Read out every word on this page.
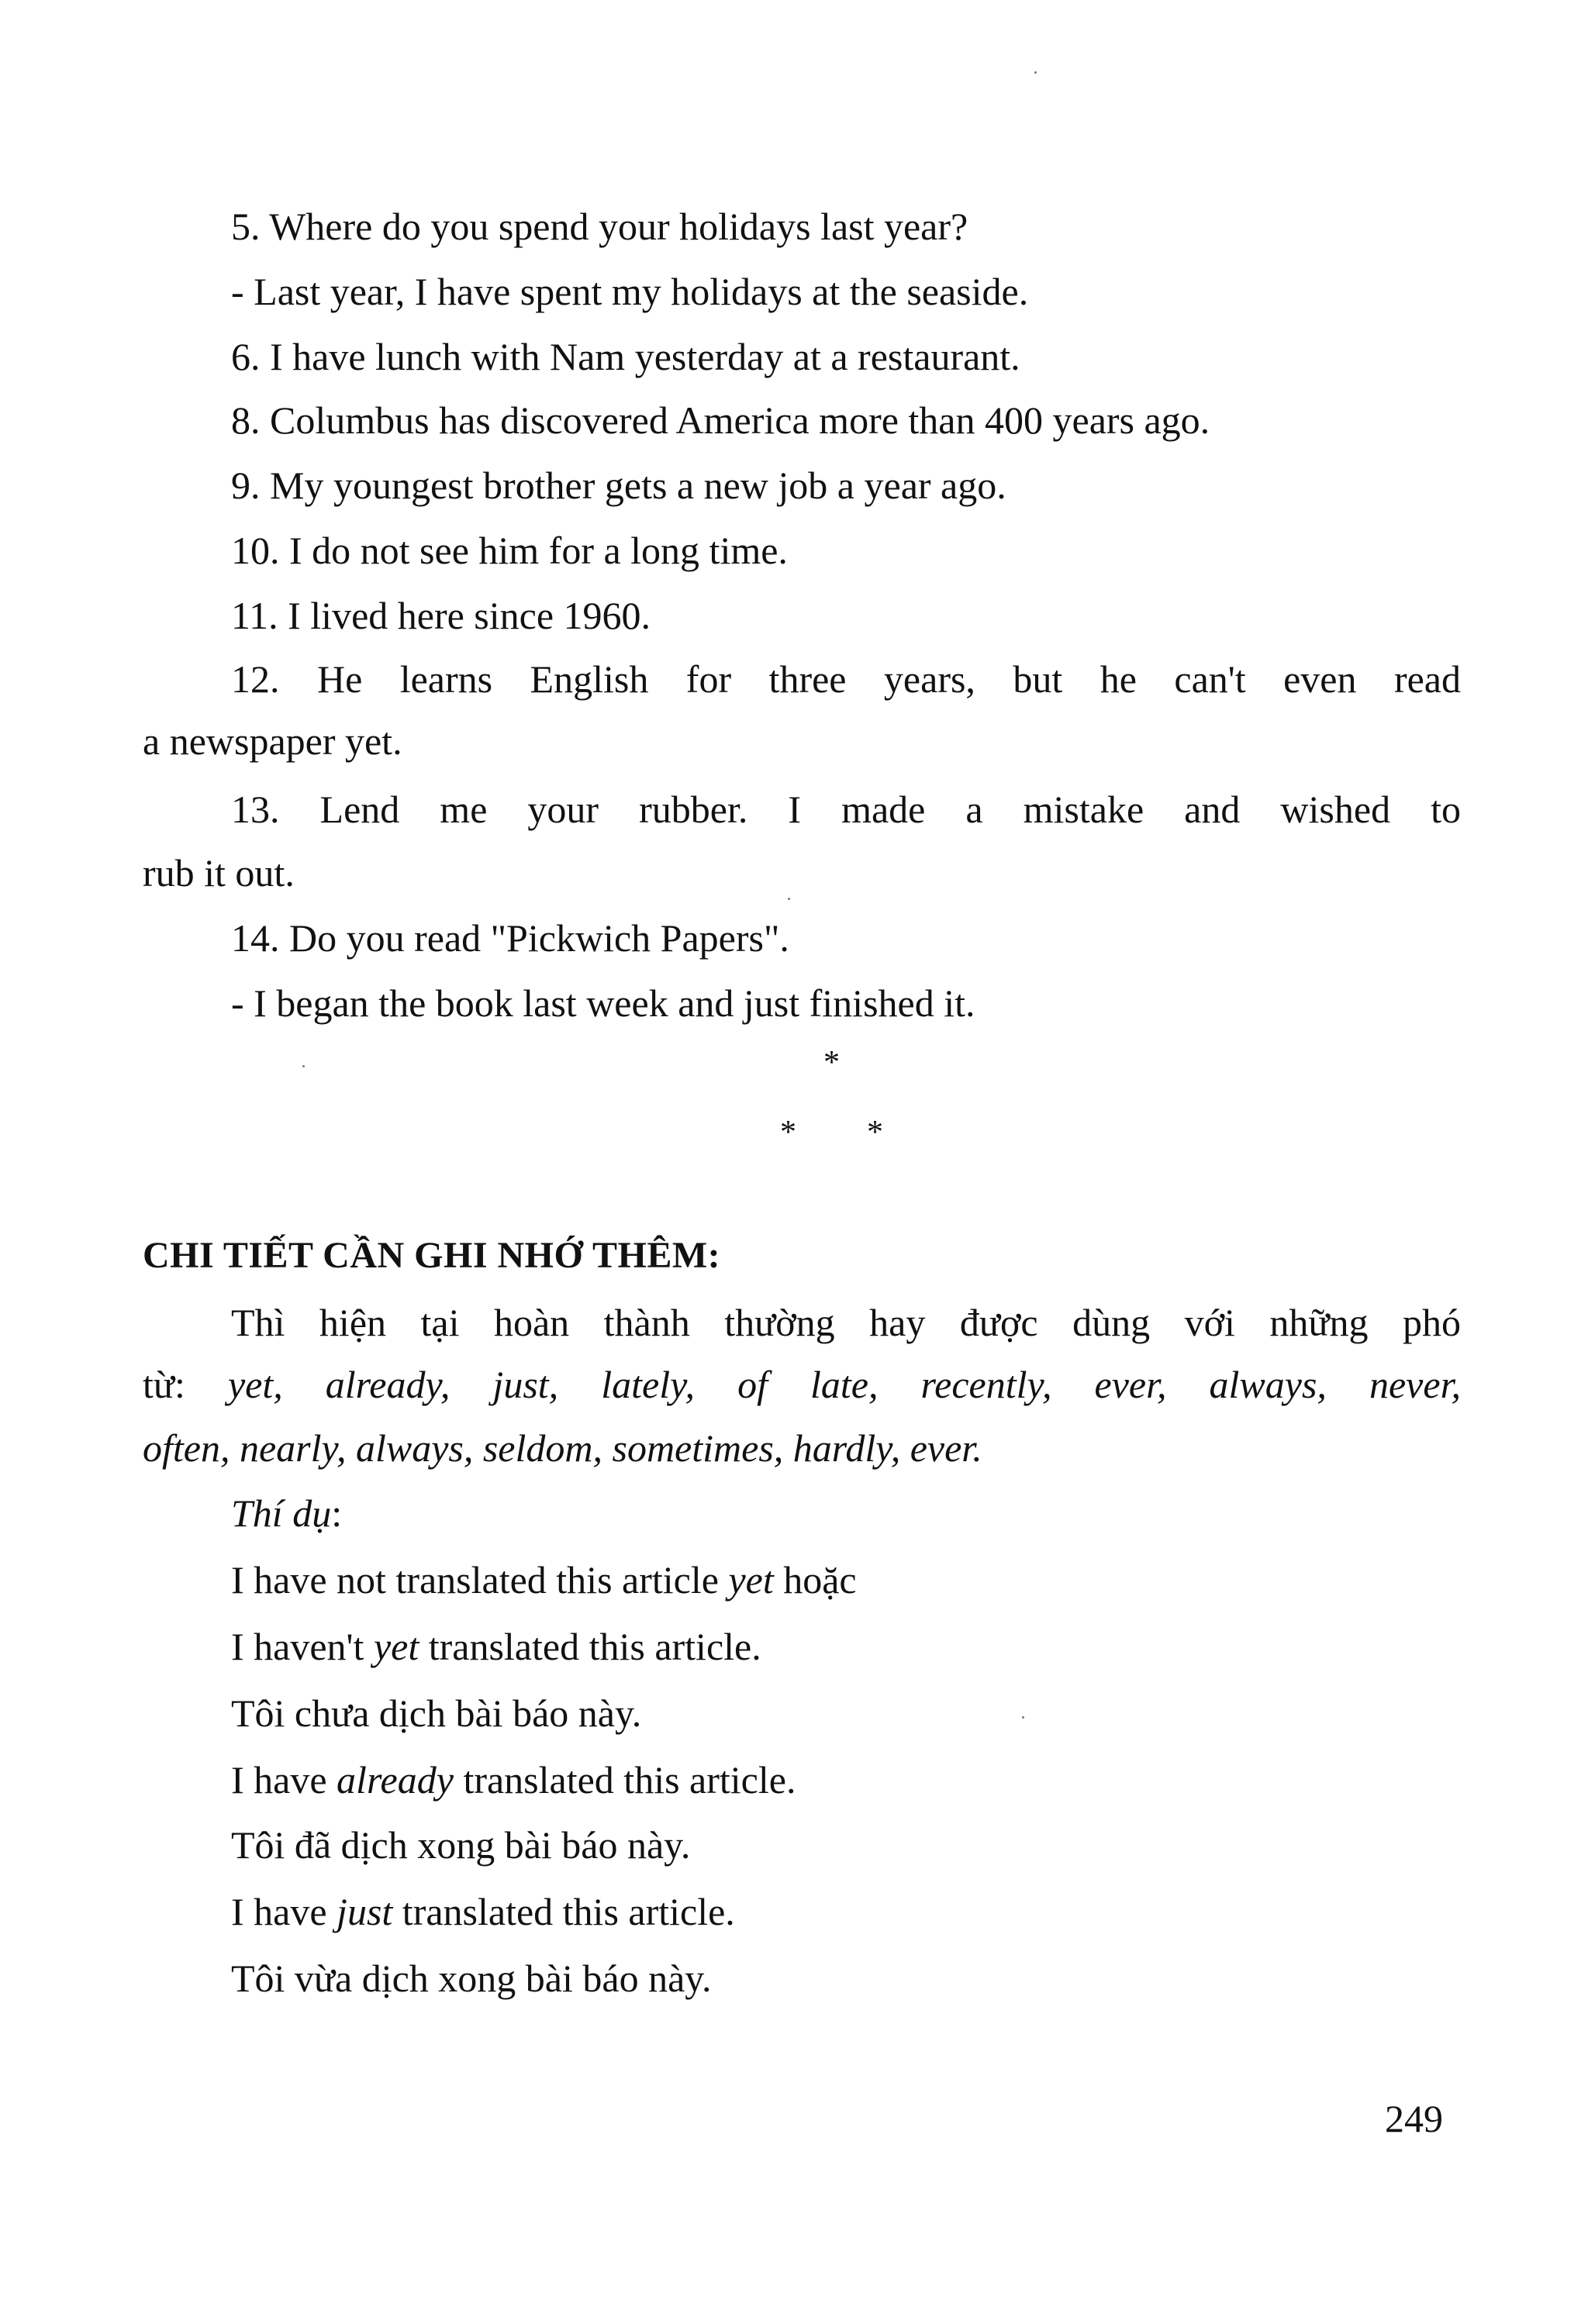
5. Where do you spend your holidays last year?
- Last year, I have spent my holidays at the seaside.
6. I have lunch with Nam yesterday at a restaurant.
8. Columbus has discovered America more than 400 years ago.
9. My youngest brother gets a new job a year ago.
10. I do not see him for a long time.
11. I lived here since 1960.
12. He learns English for three years, but he can't even read
a newspaper yet.
13. Lend me your rubber. I made a mistake and wished to
rub it out.
14. Do you read "Pickwich Papers".
- I began the book last week and just finished it.
*
* *
CHI TIẾT CẦN GHI NHỚ THÊM:
Thì hiện tại hoàn thành thường hay được dùng với những phó
từ: yet, already, just, lately, of late, recently, ever, always, never,
often, nearly, always, seldom, sometimes, hardly, ever.
Thí dụ:
I have not translated this article yet hoặc
I haven't yet translated this article.
Tôi chưa dịch bài báo này.
I have already translated this article.
Tôi đã dịch xong bài báo này.
I have just translated this article.
Tôi vừa dịch xong bài báo này.
249
